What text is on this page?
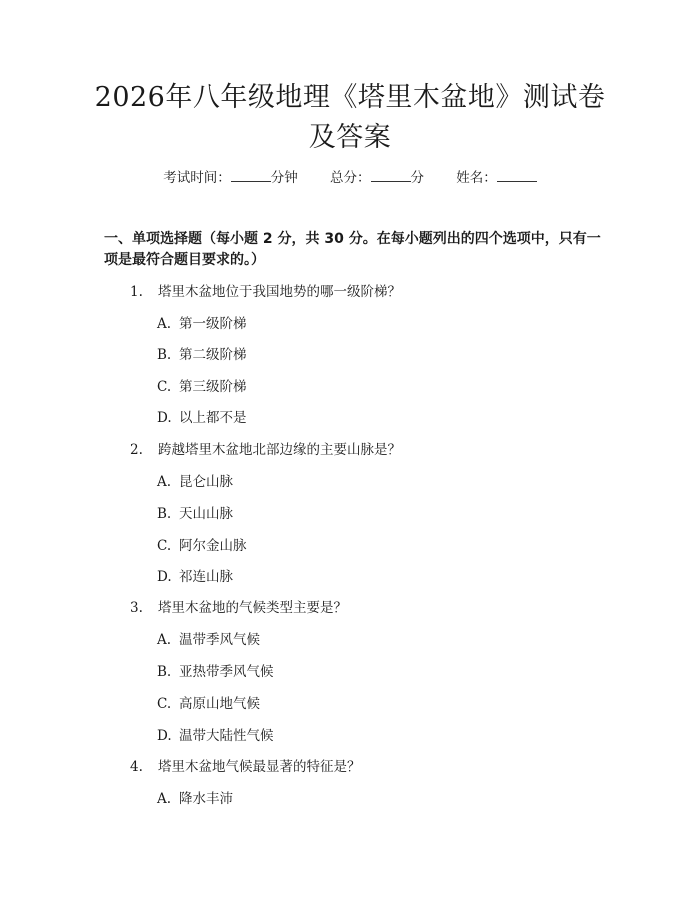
2026年八年级地理《塔里木盆地》测试卷及答案
考试时间：	分钟 总分：	分 姓名：

一、单项选择题（每小题 2 分，共 30 分。在每小题列出的四个选项中，只有一项是最符合题目要求的。）

1. 塔里木盆地位于我国地势的哪一级阶梯？
A. 第一级阶梯
B. 第二级阶梯
C. 第三级阶梯
D. 以上都不是
2. 跨越塔里木盆地北部边缘的主要山脉是？
A. 昆仑山脉
B. 天山山脉
C. 阿尔金山脉
D. 祁连山脉
3. 塔里木盆地的气候类型主要是？
A. 温带季风气候
B. 亚热带季风气候
C. 高原山地气候
D. 温带大陆性气候
4. 塔里木盆地气候最显著的特征是？
A. 降水丰沛
